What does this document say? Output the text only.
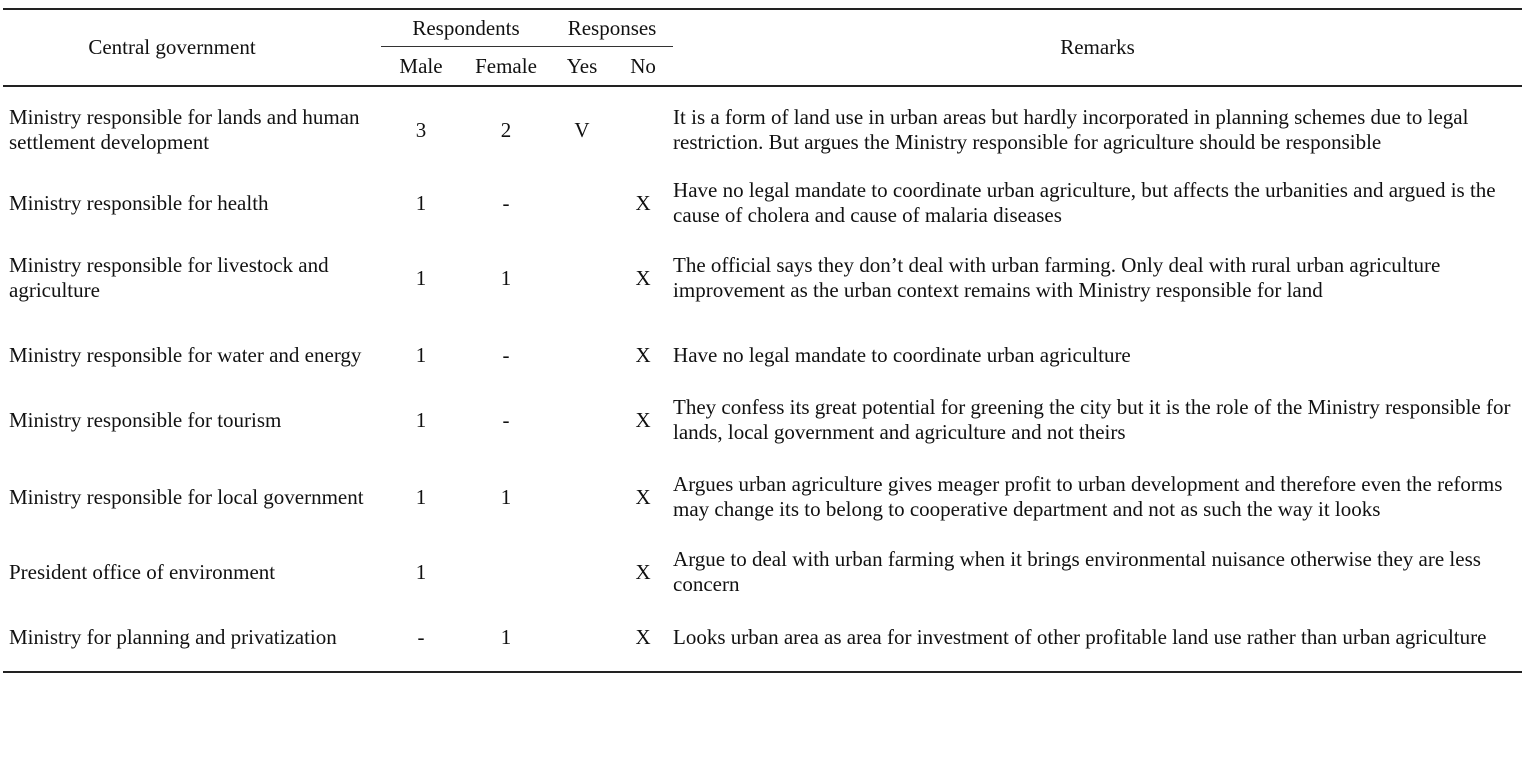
Central government	Respondents		Responses		Remarks
	Male	Female	Yes	No	
Ministry responsible for lands and human settlement development	3	2	V		It is a form of land use in urban areas but hardly incorporated in planning schemes due to legal restriction. But argues the Ministry responsible for agriculture should be responsible
Ministry responsible for health	1	-		X	Have no legal mandate to coordinate urban agriculture, but affects the urbanities and argued is the cause of cholera and cause of malaria diseases
Ministry responsible for livestock and agriculture	1	1		X	The official says they don’t deal with urban farming. Only deal with rural urban agriculture improvement as the urban context remains with Ministry responsible for land
Ministry responsible for water and energy	1	-		X	Have no legal mandate to coordinate urban agriculture
Ministry responsible for tourism	1	-		X	They confess its great potential for greening the city but it is the role of the Ministry responsible for lands, local government and agriculture and not theirs
Ministry responsible for local government	1	1		X	Argues urban agriculture gives meager profit to urban development and therefore even the reforms may change its to belong to cooperative department and not as such the way it looks
President office of environment	1			X	Argue to deal with urban farming when it brings environmental nuisance otherwise they are less concern
Ministry for planning and privatization	-	1		X	Looks urban area as area for investment of other profitable land use rather than urban agriculture
